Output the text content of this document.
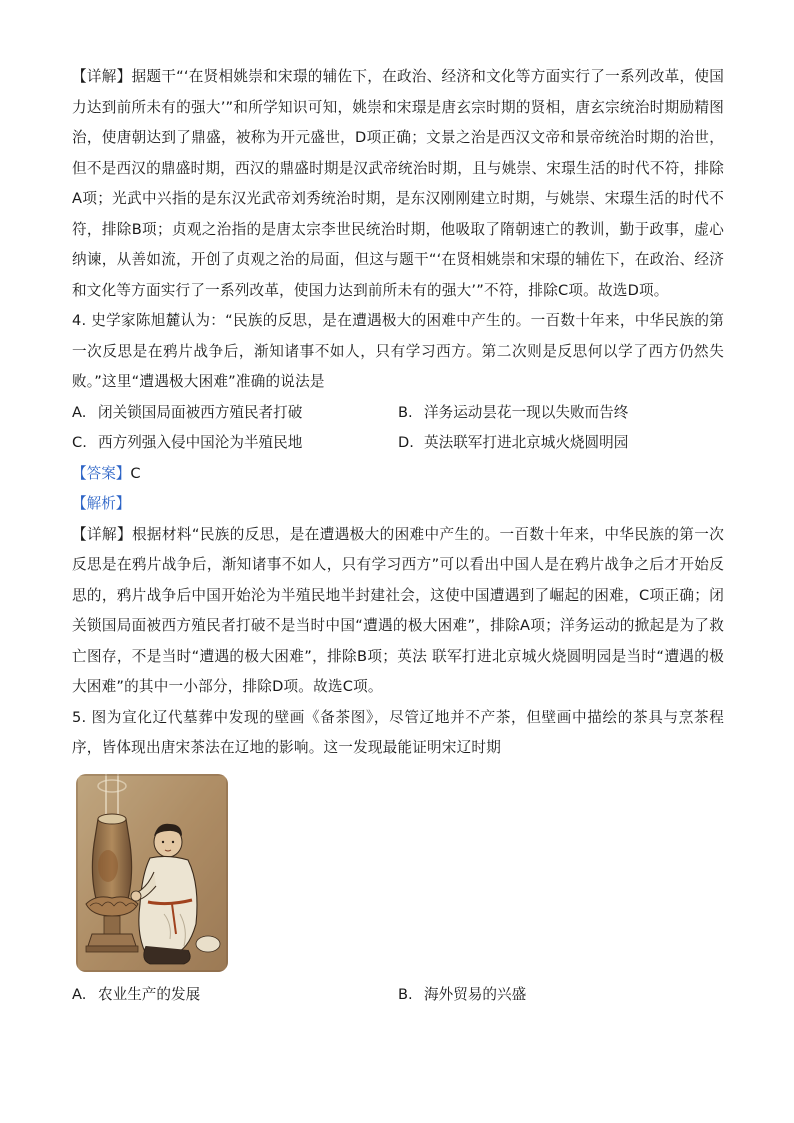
【详解】据题干“‘在贤相姚崇和宋璟的辅佐下，在政治、经济和文化等方面实行了一系列改革，使国力达到前所未有的强大’”和所学知识可知，姚崇和宋璟是唐玄宗时期的贤相，唐玄宗统治时期励精图治，使唐朝达到了鼎盛，被称为开元盛世，D项正确；文景之治是西汉文帝和景帝统治时期的治世，但不是西汉的鼎盛时期，西汉的鼎盛时期是汉武帝统治时期，且与姚崇、宋璟生活的时代不符，排除A项；光武中兴指的是东汉光武帝刘秀统治时期，是东汉刚刚建立时期，与姚崇、宋璟生活的时代不符，排除B项；贞观之治指的是唐太宗李世民统治时期，他吸取了隋朝速亡的教训，勤于政事，虚心纳谏，从善如流，开创了贞观之治的局面，但这与题干“‘在贤相姚崇和宋璟的辅佐下，在政治、经济和文化等方面实行了一系列改革，使国力达到前所未有的强大’”不符，排除C项。故选D项。

4. 史学家陈旭麓认为：“民族的反思，是在遭遇极大的困难中产生的。一百数十年来，中华民族的第一次反思是在鸦片战争后，渐知诸事不如人，只有学习西方。第二次则是反思何以学了西方仍然失败。”这里“遭遇极大困难”准确的说法是

A. 闭关锁国局面被西方殖民者打破	B. 洋务运动昙花一现以失败而告终
C. 西方列强入侵中国沦为半殖民地	D. 英法联军打进北京城火烧圆明园

【答案】C

【解析】

【详解】根据材料“民族的反思，是在遭遇极大的困难中产生的。一百数十年来，中华民族的第一次反思是在鸦片战争后，渐知诸事不如人，只有学习西方”可以看出中国人是在鸦片战争之后才开始反思的，鸦片战争后中国开始沦为半殖民地半封建社会，这使中国遭遇到了崛起的困难，C项正确；闭关锁国局面被西方殖民者打破不是当时中国“遭遇的极大困难”，排除A项；洋务运动的掀起是为了救亡图存，不是当时“遭遇的极大困难”，排除B项；英法 联军打进北京城火烧圆明园是当时“遭遇的极大困难”的其中一小部分，排除D项。故选C项。

5. 图为宣化辽代墓葬中发现的壁画《备茶图》，尽管辽地并不产茶，但壁画中描绘的茶具与烹茶程序，皆体现出唐宋茶法在辽地的影响。这一发现最能证明宋辽时期

A. 农业生产的发展	B. 海外贸易的兴盛
